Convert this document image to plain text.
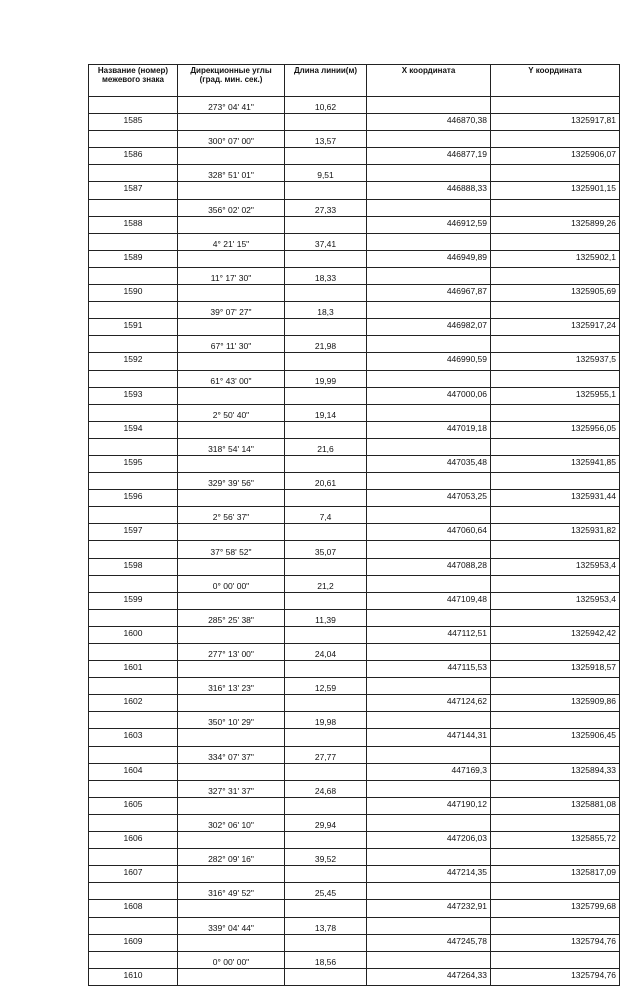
Название (номер) межевого знака	Дирекционные углы (град. мин. сек.)	Длина линии(м)	X координата	Y координата
	273° 04' 41"	10,62		
1585			446870,38	1325917,81
	300° 07' 00"	13,57		
1586			446877,19	1325906,07
	328° 51' 01"	9,51		
1587			446888,33	1325901,15
	356° 02' 02"	27,33		
1588			446912,59	1325899,26
	4° 21' 15"	37,41		
1589			446949,89	1325902,1
	11° 17' 30"	18,33		
1590			446967,87	1325905,69
	39° 07' 27"	18,3		
1591			446982,07	1325917,24
	67° 11' 30"	21,98		
1592			446990,59	1325937,5
	61° 43' 00"	19,99		
1593			447000,06	1325955,1
	2° 50' 40"	19,14		
1594			447019,18	1325956,05
	318° 54' 14"	21,6		
1595			447035,48	1325941,85
	329° 39' 56"	20,61		
1596			447053,25	1325931,44
	2° 56' 37"	7,4		
1597			447060,64	1325931,82
	37° 58' 52"	35,07		
1598			447088,28	1325953,4
	0° 00' 00"	21,2		
1599			447109,48	1325953,4
	285° 25' 38"	11,39		
1600			447112,51	1325942,42
	277° 13' 00"	24,04		
1601			447115,53	1325918,57
	316° 13' 23"	12,59		
1602			447124,62	1325909,86
	350° 10' 29"	19,98		
1603			447144,31	1325906,45
	334° 07' 37"	27,77		
1604			447169,3	1325894,33
	327° 31' 37"	24,68		
1605			447190,12	1325881,08
	302° 06' 10"	29,94		
1606			447206,03	1325855,72
	282° 09' 16"	39,52		
1607			447214,35	1325817,09
	316° 49' 52"	25,45		
1608			447232,91	1325799,68
	339° 04' 44"	13,78		
1609			447245,78	1325794,76
	0° 00' 00"	18,56		
1610			447264,33	1325794,76
